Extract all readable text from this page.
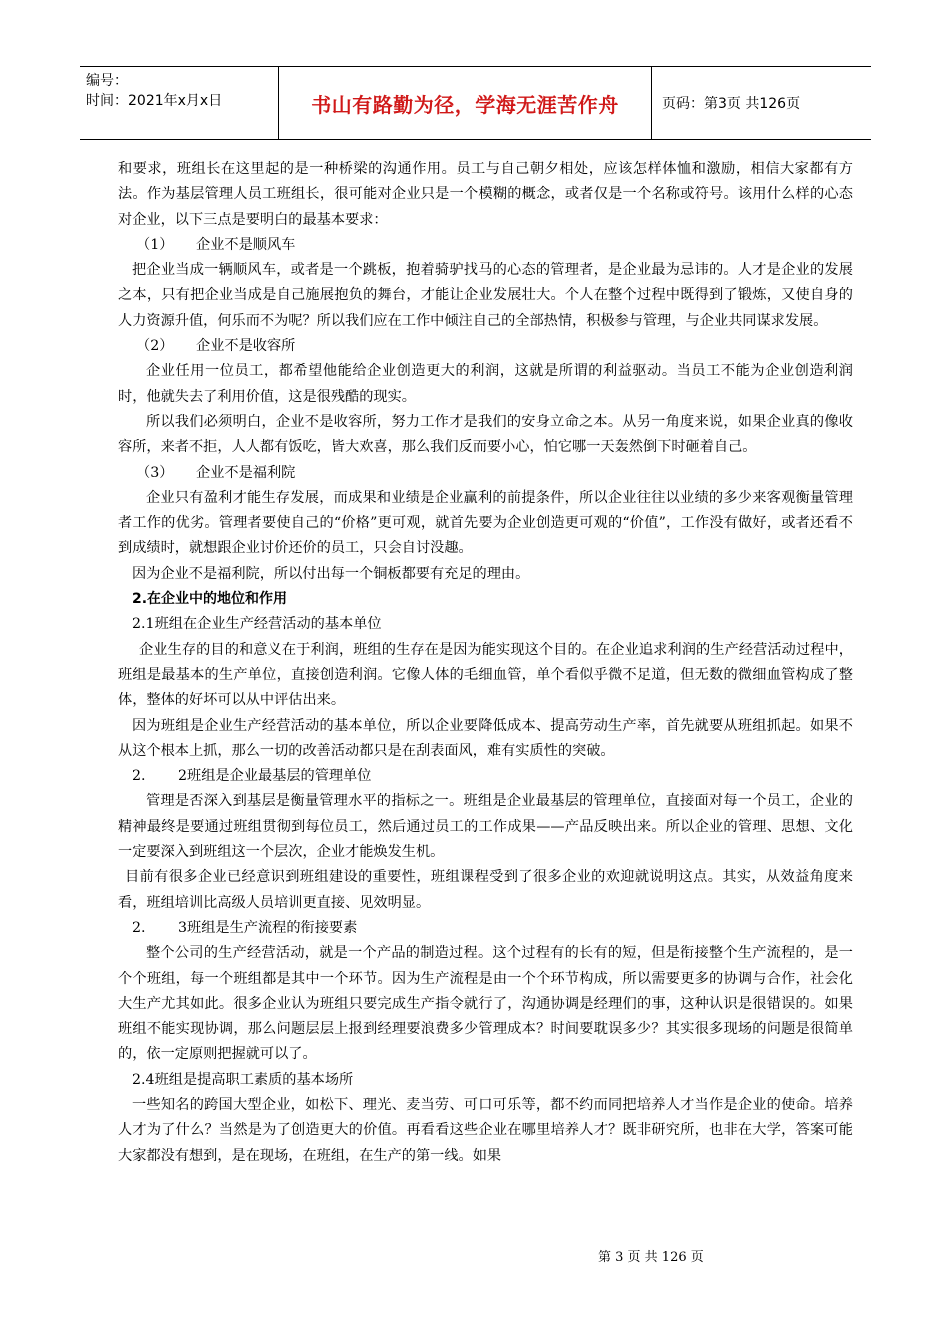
编号：
时间：2021年x月x日	书山有路勤为径，学海无涯苦作舟	页码：第3页 共126页

和要求，班组长在这里起的是一种桥梁的沟通作用。员工与自己朝夕相处，应该怎样体恤和激励，相信大家都有方法。作为基层管理人员工班组长，很可能对企业只是一个模糊的概念，或者仅是一个名称或符号。该用什么样的心态对企业，以下三点是要明白的最基本要求：

（1） 企业不是顺风车

把企业当成一辆顺风车，或者是一个跳板，抱着骑驴找马的心态的管理者，是企业最为忌讳的。人才是企业的发展之本，只有把企业当成是自己施展抱负的舞台，才能让企业发展壮大。个人在整个过程中既得到了锻炼，又使自身的人力资源升值，何乐而不为呢？所以我们应在工作中倾注自己的全部热情，积极参与管理，与企业共同谋求发展。

（2） 企业不是收容所

企业任用一位员工，都希望他能给企业创造更大的利润，这就是所谓的利益驱动。当员工不能为企业创造利润时，他就失去了利用价值，这是很残酷的现实。

所以我们必须明白，企业不是收容所，努力工作才是我们的安身立命之本。从另一角度来说，如果企业真的像收容所，来者不拒，人人都有饭吃，皆大欢喜，那么我们反而要小心，怕它哪一天轰然倒下时砸着自己。

（3） 企业不是福利院

企业只有盈利才能生存发展，而成果和业绩是企业赢利的前提条件，所以企业往往以业绩的多少来客观衡量管理者工作的优劣。管理者要使自己的“价格”更可观，就首先要为企业创造更可观的“价值”，工作没有做好，或者还看不到成绩时，就想跟企业讨价还价的员工，只会自讨没趣。

因为企业不是福利院，所以付出每一个铜板都要有充足的理由。

2.在企业中的地位和作用

2.1班组在企业生产经营活动的基本单位

企业生存的目的和意义在于利润，班组的生存在是因为能实现这个目的。在企业追求利润的生产经营活动过程中，班组是最基本的生产单位，直接创造利润。它像人体的毛细血管，单个看似乎微不足道，但无数的微细血管构成了整体，整体的好坏可以从中评估出来。

因为班组是企业生产经营活动的基本单位，所以企业要降低成本、提高劳动生产率，首先就要从班组抓起。如果不从这个根本上抓，那么一切的改善活动都只是在刮表面风，难有实质性的突破。

2. 2班组是企业最基层的管理单位

管理是否深入到基层是衡量管理水平的指标之一。班组是企业最基层的管理单位，直接面对每一个员工，企业的精神最终是要通过班组贯彻到每位员工，然后通过员工的工作成果——产品反映出来。所以企业的管理、思想、文化一定要深入到班组这一个层次，企业才能焕发生机。

目前有很多企业已经意识到班组建设的重要性，班组课程受到了很多企业的欢迎就说明这点。其实，从效益角度来看，班组培训比高级人员培训更直接、见效明显。

2. 3班组是生产流程的衔接要素

整个公司的生产经营活动，就是一个产品的制造过程。这个过程有的长有的短，但是衔接整个生产流程的，是一个个班组，每一个班组都是其中一个环节。因为生产流程是由一个个环节构成，所以需要更多的协调与合作，社会化大生产尤其如此。很多企业认为班组只要完成生产指令就行了，沟通协调是经理们的事，这种认识是很错误的。如果班组不能实现协调，那么问题层层上报到经理要浪费多少管理成本？时间要耽误多少？其实很多现场的问题是很简单的，依一定原则把握就可以了。

2.4班组是提高职工素质的基本场所

一些知名的跨国大型企业，如松下、理光、麦当劳、可口可乐等，都不约而同把培养人才当作是企业的使命。培养人才为了什么？当然是为了创造更大的价值。再看看这些企业在哪里培养人才？既非研究所，也非在大学，答案可能大家都没有想到，是在现场，在班组，在生产的第一线。如果

第 3 页 共 126 页
